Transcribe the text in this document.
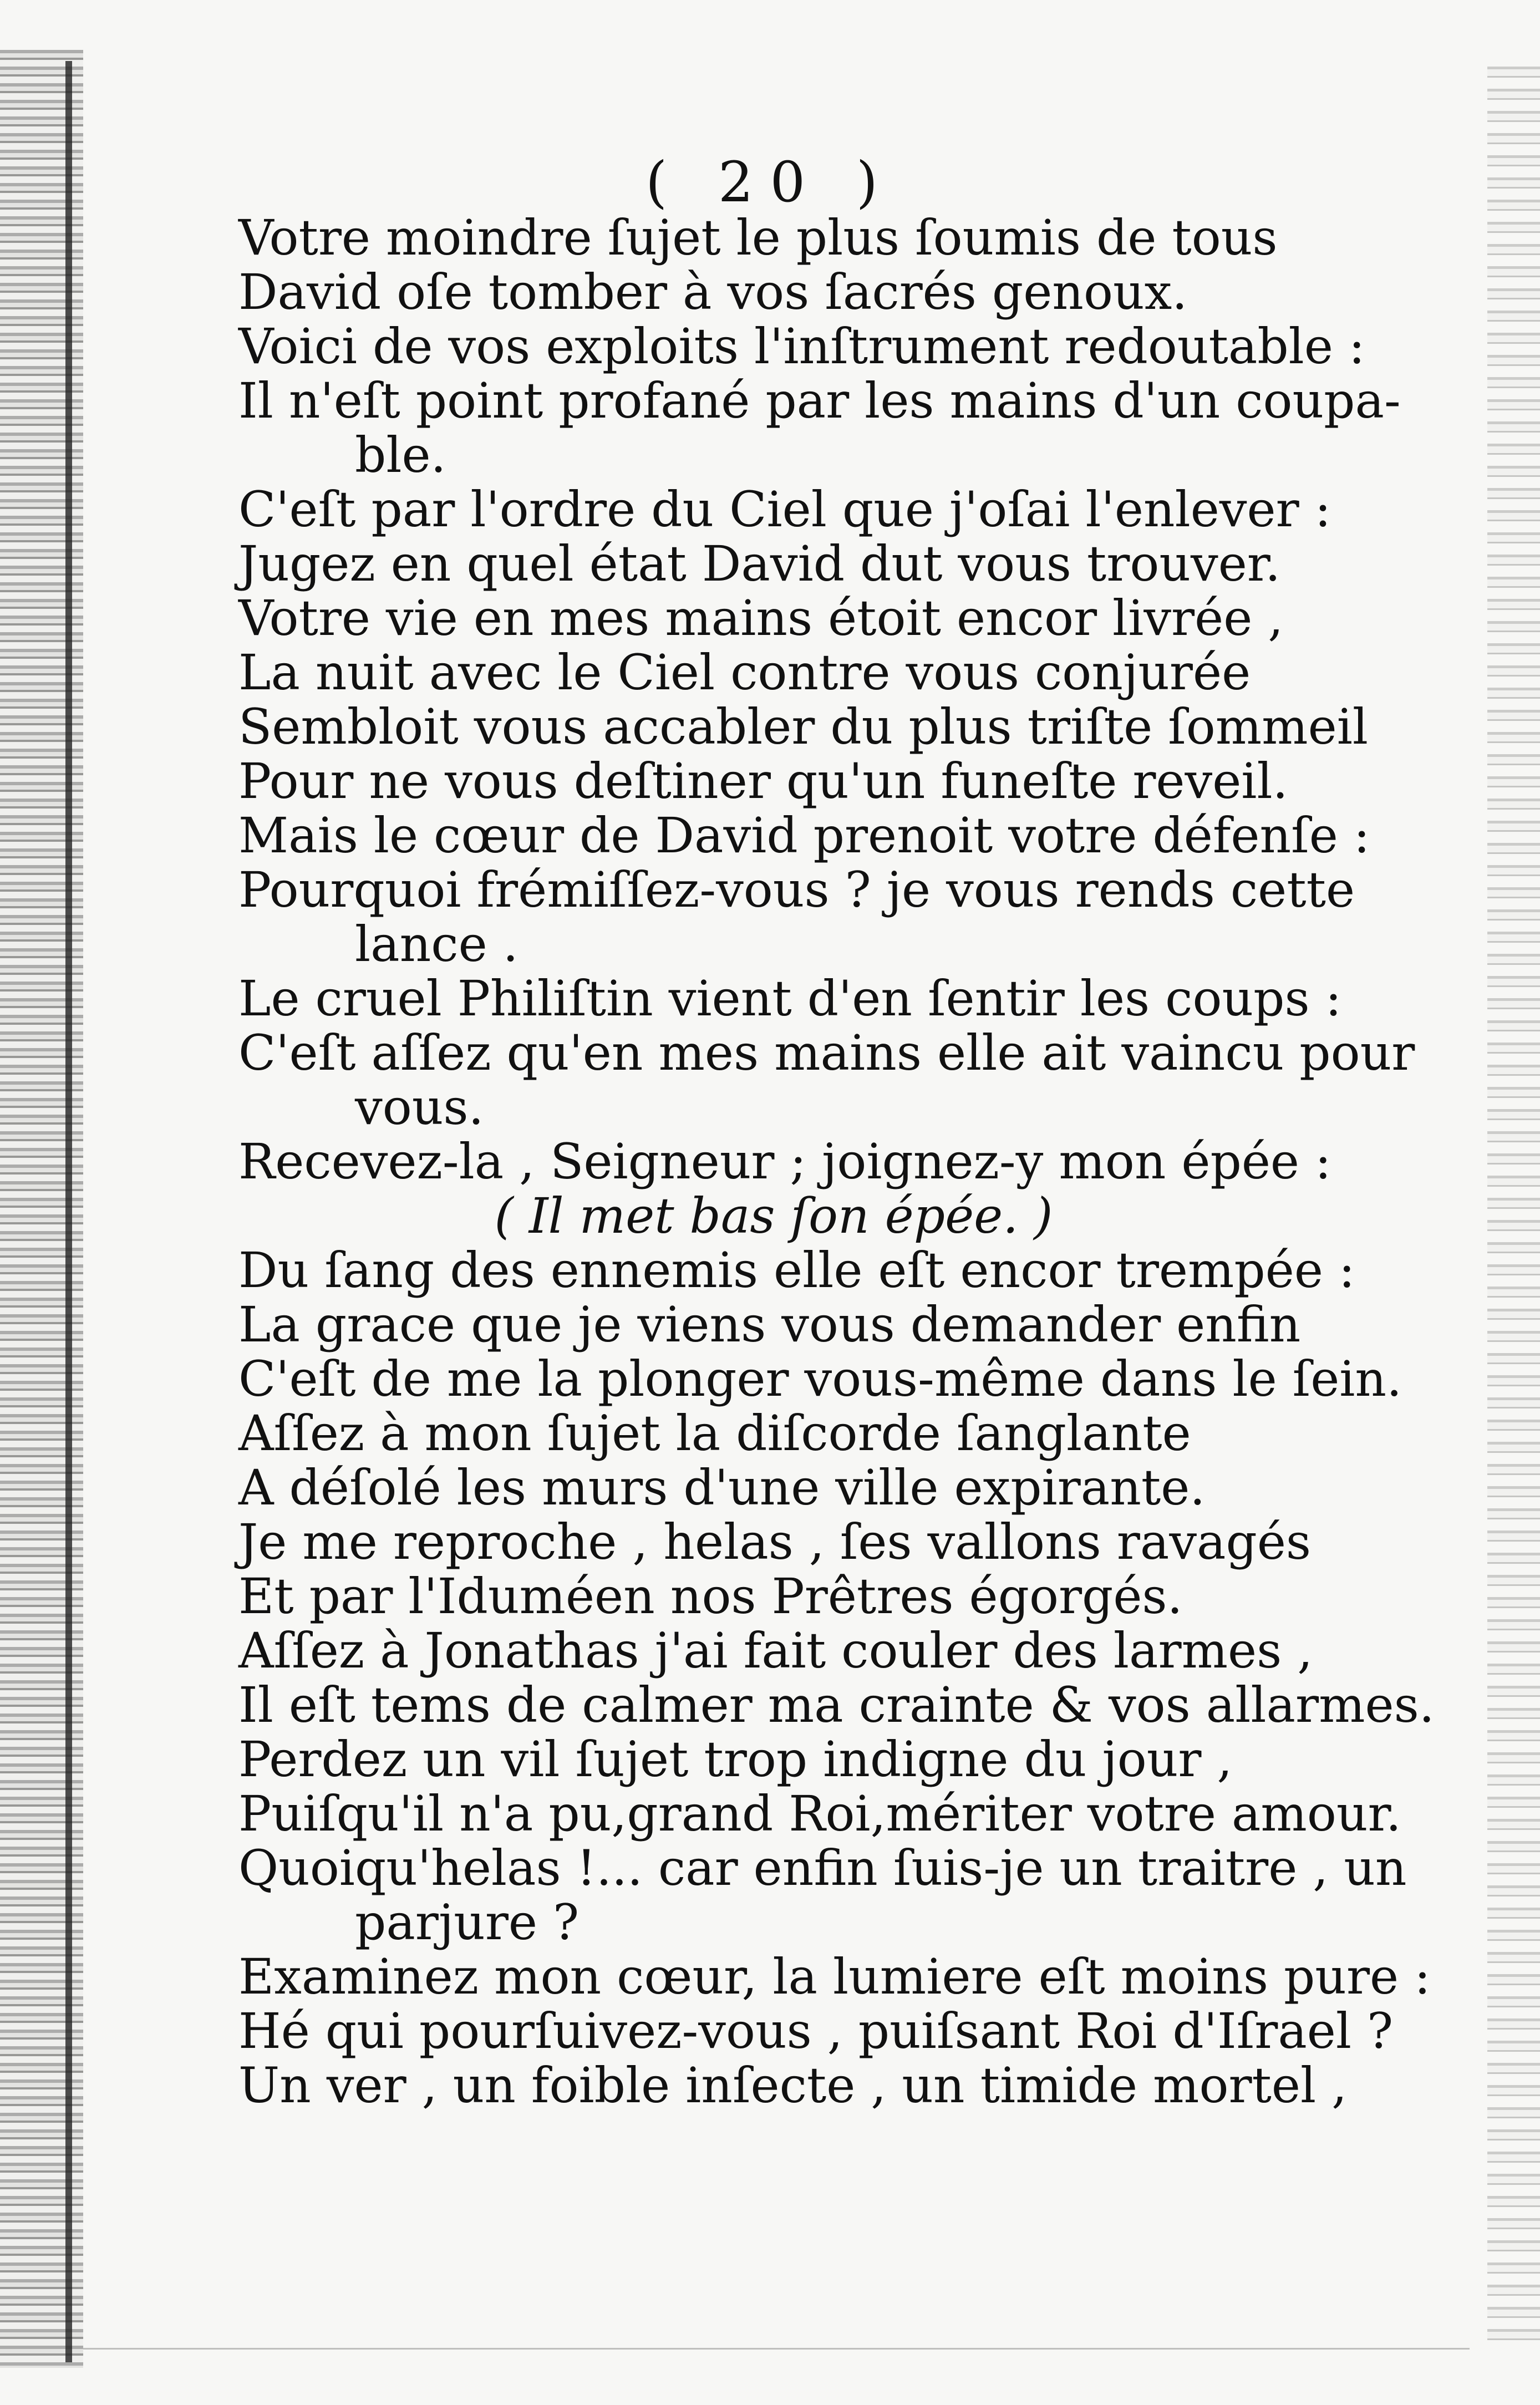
( 20 )
Votre moindre ſujet le plus ſoumis de tous
David oſe tomber à vos ſacrés genoux.
Voici de vos exploits l'inſtrument redoutable :
Il n'eſt point profané par les mains d'un coupa-
ble.
C'eſt par l'ordre du Ciel que j'oſai l'enlever :
Jugez en quel état David dut vous trouver.
Votre vie en mes mains étoit encor livrée ,
La nuit avec le Ciel contre vous conjurée
Sembloit vous accabler du plus triſte ſommeil
Pour ne vous deſtiner qu'un funeſte reveil.
Mais le cœur de David prenoit votre défenſe :
Pourquoi frémiſſez-vous ? je vous rends cette
lance .
Le cruel Philiſtin vient d'en ſentir les coups :
C'eſt aſſez qu'en mes mains elle ait vaincu pour
vous.
Recevez-la , Seigneur ; joignez-y mon épée :
( Il met bas ſon épée. )
Du ſang des ennemis elle eſt encor trempée :
La grace que je viens vous demander enfin
C'eſt de me la plonger vous-même dans le ſein.
Aſſez à mon ſujet la diſcorde ſanglante
A déſolé les murs d'une ville expirante.
Je me reproche , helas , ſes vallons ravagés
Et par l'Iduméen nos Prêtres égorgés.
Aſſez à Jonathas j'ai fait couler des larmes ,
Il eſt tems de calmer ma crainte & vos allarmes.
Perdez un vil ſujet trop indigne du jour ,
Puiſqu'il n'a pu,grand Roi,mériter votre amour.
Quoiqu'helas !... car enfin ſuis-je un traitre , un
parjure ?
Examinez mon cœur, la lumiere eſt moins pure :
Hé qui pourſuivez-vous , puiſsant Roi d'Iſrael ?
Un ver , un foible inſecte , un timide mortel ,
